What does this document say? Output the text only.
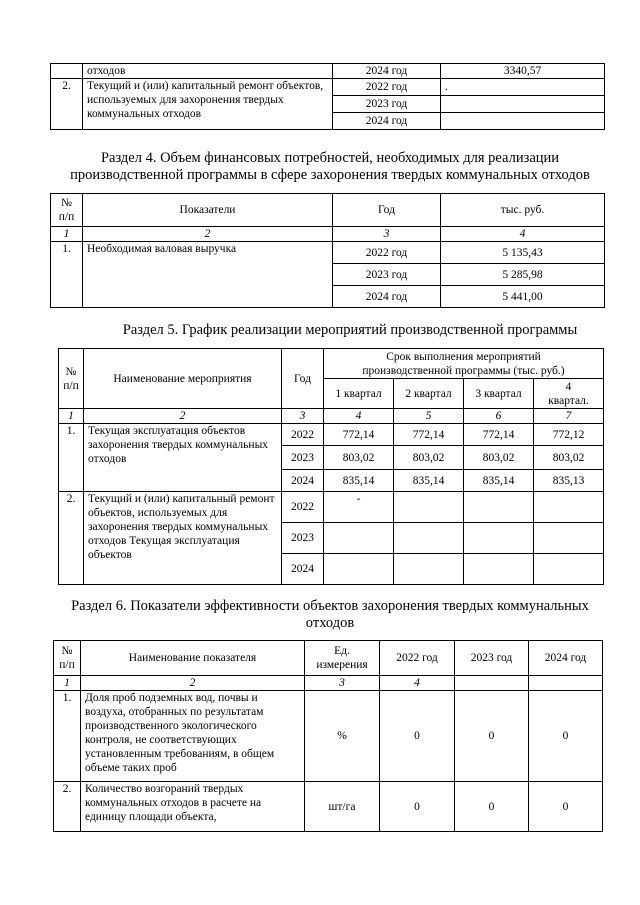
	отходов	2024 год	3340,57
2.	Текущий и (или) капитальный ремонт объектов, используемых для захоронения твердых коммунальных отходов	2022 год	.
		2023 год	
		2024 год	
Раздел 4. Объем финансовых потребностей, необходимых для реализации
производственной программы в сфере захоронения твердых коммунальных отходов
№ п/п	Показатели	Год	тыс. руб.
1	2	3	4
1.	Необходимая валовая выручка	2022 год	5 135,43
		2023 год	5 285,98
		2024 год	5 441,00
Раздел 5. График реализации мероприятий производственной программы
№ п/п	Наименование мероприятия	Год	Срок выполнения мероприятий производственной программы (тыс. руб.)			
			1 квартал	2 квартал	3 квартал	4 квартал.
1	2	3	4	5	6	7
1.	Текущая эксплуатация объектов захоронения твердых коммунальных отходов	2022	772,14	772,14	772,14	772,12
		2023	803,02	803,02	803,02	803,02
		2024	835,14	835,14	835,14	835,13
2.	Текущий и (или) капитальный ремонт объектов, используемых для захоронения твердых коммунальных отходов Текущая эксплуатация объектов	2022	-			
		2023				
		2024				
Раздел 6. Показатели эффективности объектов захоронения твердых коммунальных
отходов
№ п/п	Наименование показателя	Ед. измерения	2022 год	2023 год	2024 год
1	2	3	4		
1.	Доля проб подземных вод, почвы и воздуха, отобранных по результатам производственного экологического контроля, не соответствующих установленным требованиям, в общем объеме таких проб	%	0	0	0
2.	Количество возгораний твердых коммунальных отходов в расчете на единицу площади объекта,	шт/га	0	0	0
